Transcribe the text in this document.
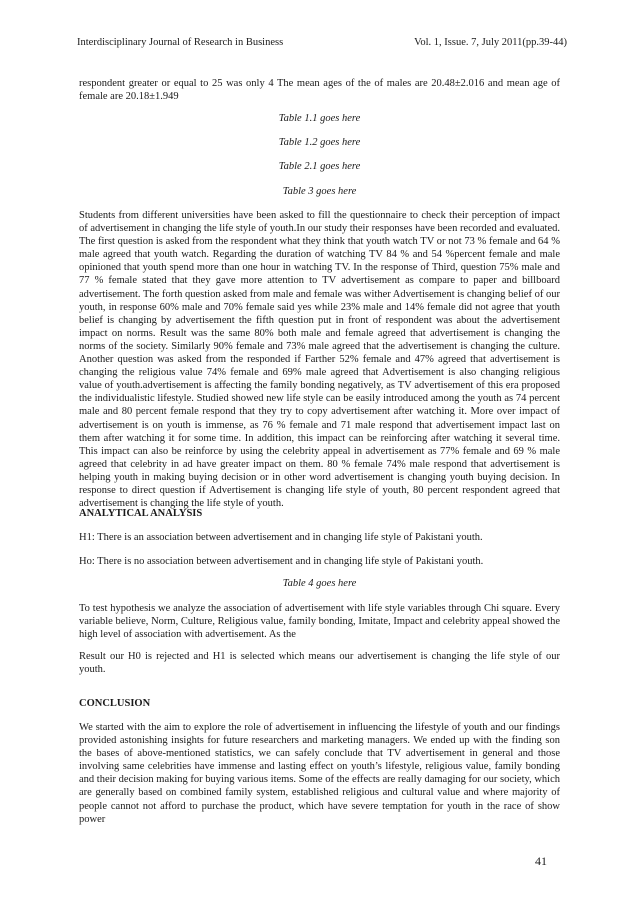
Interdisciplinary Journal of Research in Business	Vol. 1, Issue. 7, July 2011(pp.39-44)

respondent greater or equal to 25 was only 4 The mean ages of the of males are 20.48±2.016 and mean age of female are 20.18±1.949

Table 1.1 goes here

Table 1.2 goes here

Table 2.1 goes here

Table 3 goes here

Students from different universities have been asked to fill the questionnaire to check their perception of impact of advertisement in changing the life style of youth.In our study their responses have been recorded and evaluated. The first question is asked from the respondent what they think that youth watch TV or not 73 % female and 64 % male agreed that youth watch. Regarding the duration of watching TV 84 % and 54 %percent female and male opinioned that youth spend more than one hour in watching TV. In the response of Third, question 75% male and 77 % female stated that they gave more attention to TV advertisement as compare to paper and billboard advertisement. The forth question asked from male and female was wither Advertisement is changing belief of our youth, in response 60% male and 70% female said yes while 23% male and 14% female did not agree that youth belief is changing by advertisement the fifth question put in front of respondent was about the advertisement impact on norms. Result was the same 80% both male and female agreed that advertisement is changing the norms of the society. Similarly 90% female and 73% male agreed that the advertisement is changing the culture. Another question was asked from the responded if Farther 52% female and 47% agreed that advertisement is changing the religious value 74% female and 69% male agreed that Advertisement is also changing religious value of youth.advertisement is affecting the family bonding negatively, as TV advertisement of this era proposed the individualistic lifestyle. Studied showed new life style can be easily introduced among the youth as 74 percent male and 80 percent female respond that they try to copy advertisement after watching it. More over impact of advertisement is on youth is immense, as 76 % female and 71 male respond that advertisement impact last on them after watching it for some time. In addition, this impact can be reinforcing after watching it several time. This impact can also be reinforce by using the celebrity appeal in advertisement as 77% female and 69 % male agreed that celebrity in ad have greater impact on them. 80 % female 74% male respond that advertisement is helping youth in making buying decision or in other word advertisement is changing youth buying decision. In response to direct question if Advertisement is changing life style of youth, 80 percent respondent agreed that advertisement is changing the life style of youth.

ANALYTICAL ANALYSIS

H1: There is an association between advertisement and in changing life style of Pakistani youth.

Ho: There is no association between advertisement and in changing life style of Pakistani youth.

Table 4 goes here

To test hypothesis we analyze the association of advertisement with life style variables through Chi square. Every variable believe, Norm, Culture, Religious value, family bonding, Imitate, Impact and celebrity appeal showed the high level of association with advertisement. As the

Result our H0 is rejected and H1 is selected which means our advertisement is changing the life style of our youth.

CONCLUSION

We started with the aim to explore the role of advertisement in influencing the lifestyle of youth and our findings provided astonishing insights for future researchers and marketing managers. We ended up with the finding son the bases of above-mentioned statistics, we can safely conclude that TV advertisement in general and those involving same celebrities have immense and lasting effect on youth’s lifestyle, religious value, family bonding and their decision making for buying various items. Some of the effects are really damaging for our society, which are generally based on combined family system, established religious and cultural value and where majority of people cannot not afford to purchase the product, which have severe temptation for youth in the race of show power

41
